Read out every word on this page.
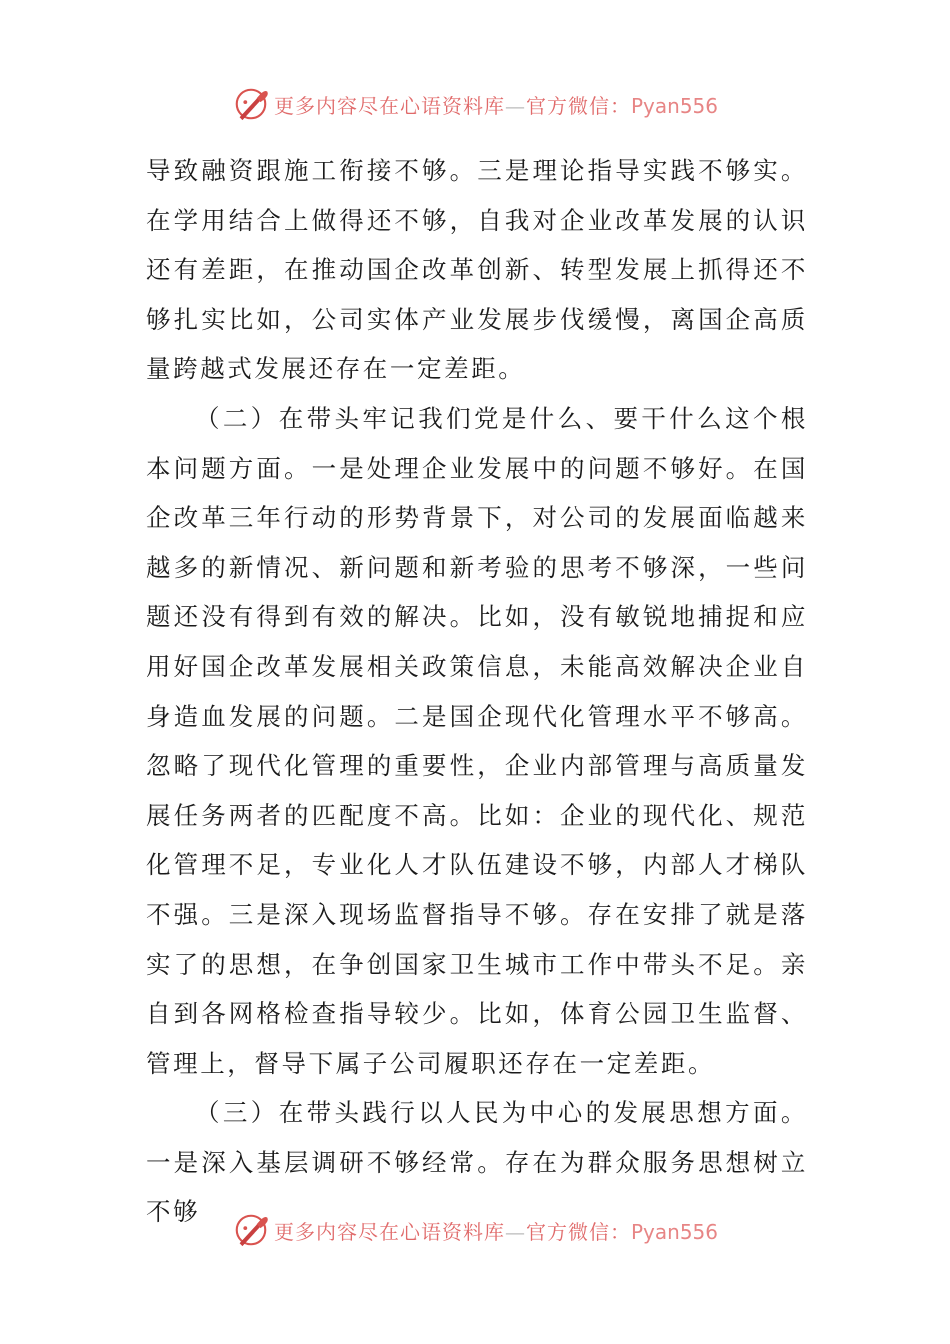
更多内容尽在心语资料库—官方微信：Pyan556

导致融资跟施工衔接不够。三是理论指导实践不够实。在学用结合上做得还不够，自我对企业改革发展的认识还有差距，在推动国企改革创新、转型发展上抓得还不够扎实比如，公司实体产业发展步伐缓慢，离国企高质量跨越式发展还存在一定差距。

（二）在带头牢记我们党是什么、要干什么这个根本问题方面。一是处理企业发展中的问题不够好。在国企改革三年行动的形势背景下，对公司的发展面临越来越多的新情况、新问题和新考验的思考不够深，一些问题还没有得到有效的解决。比如，没有敏锐地捕捉和应用好国企改革发展相关政策信息，未能高效解决企业自身造血发展的问题。二是国企现代化管理水平不够高。忽略了现代化管理的重要性，企业内部管理与高质量发展任务两者的匹配度不高。比如：企业的现代化、规范化管理不足，专业化人才队伍建设不够，内部人才梯队不强。三是深入现场监督指导不够。存在安排了就是落实了的思想，在争创国家卫生城市工作中带头不足。亲自到各网格检查指导较少。比如，体育公园卫生监督、管理上，督导下属子公司履职还存在一定差距。

（三）在带头践行以人民为中心的发展思想方面。一是深入基层调研不够经常。存在为群众服务思想树立不够

更多内容尽在心语资料库—官方微信：Pyan556
